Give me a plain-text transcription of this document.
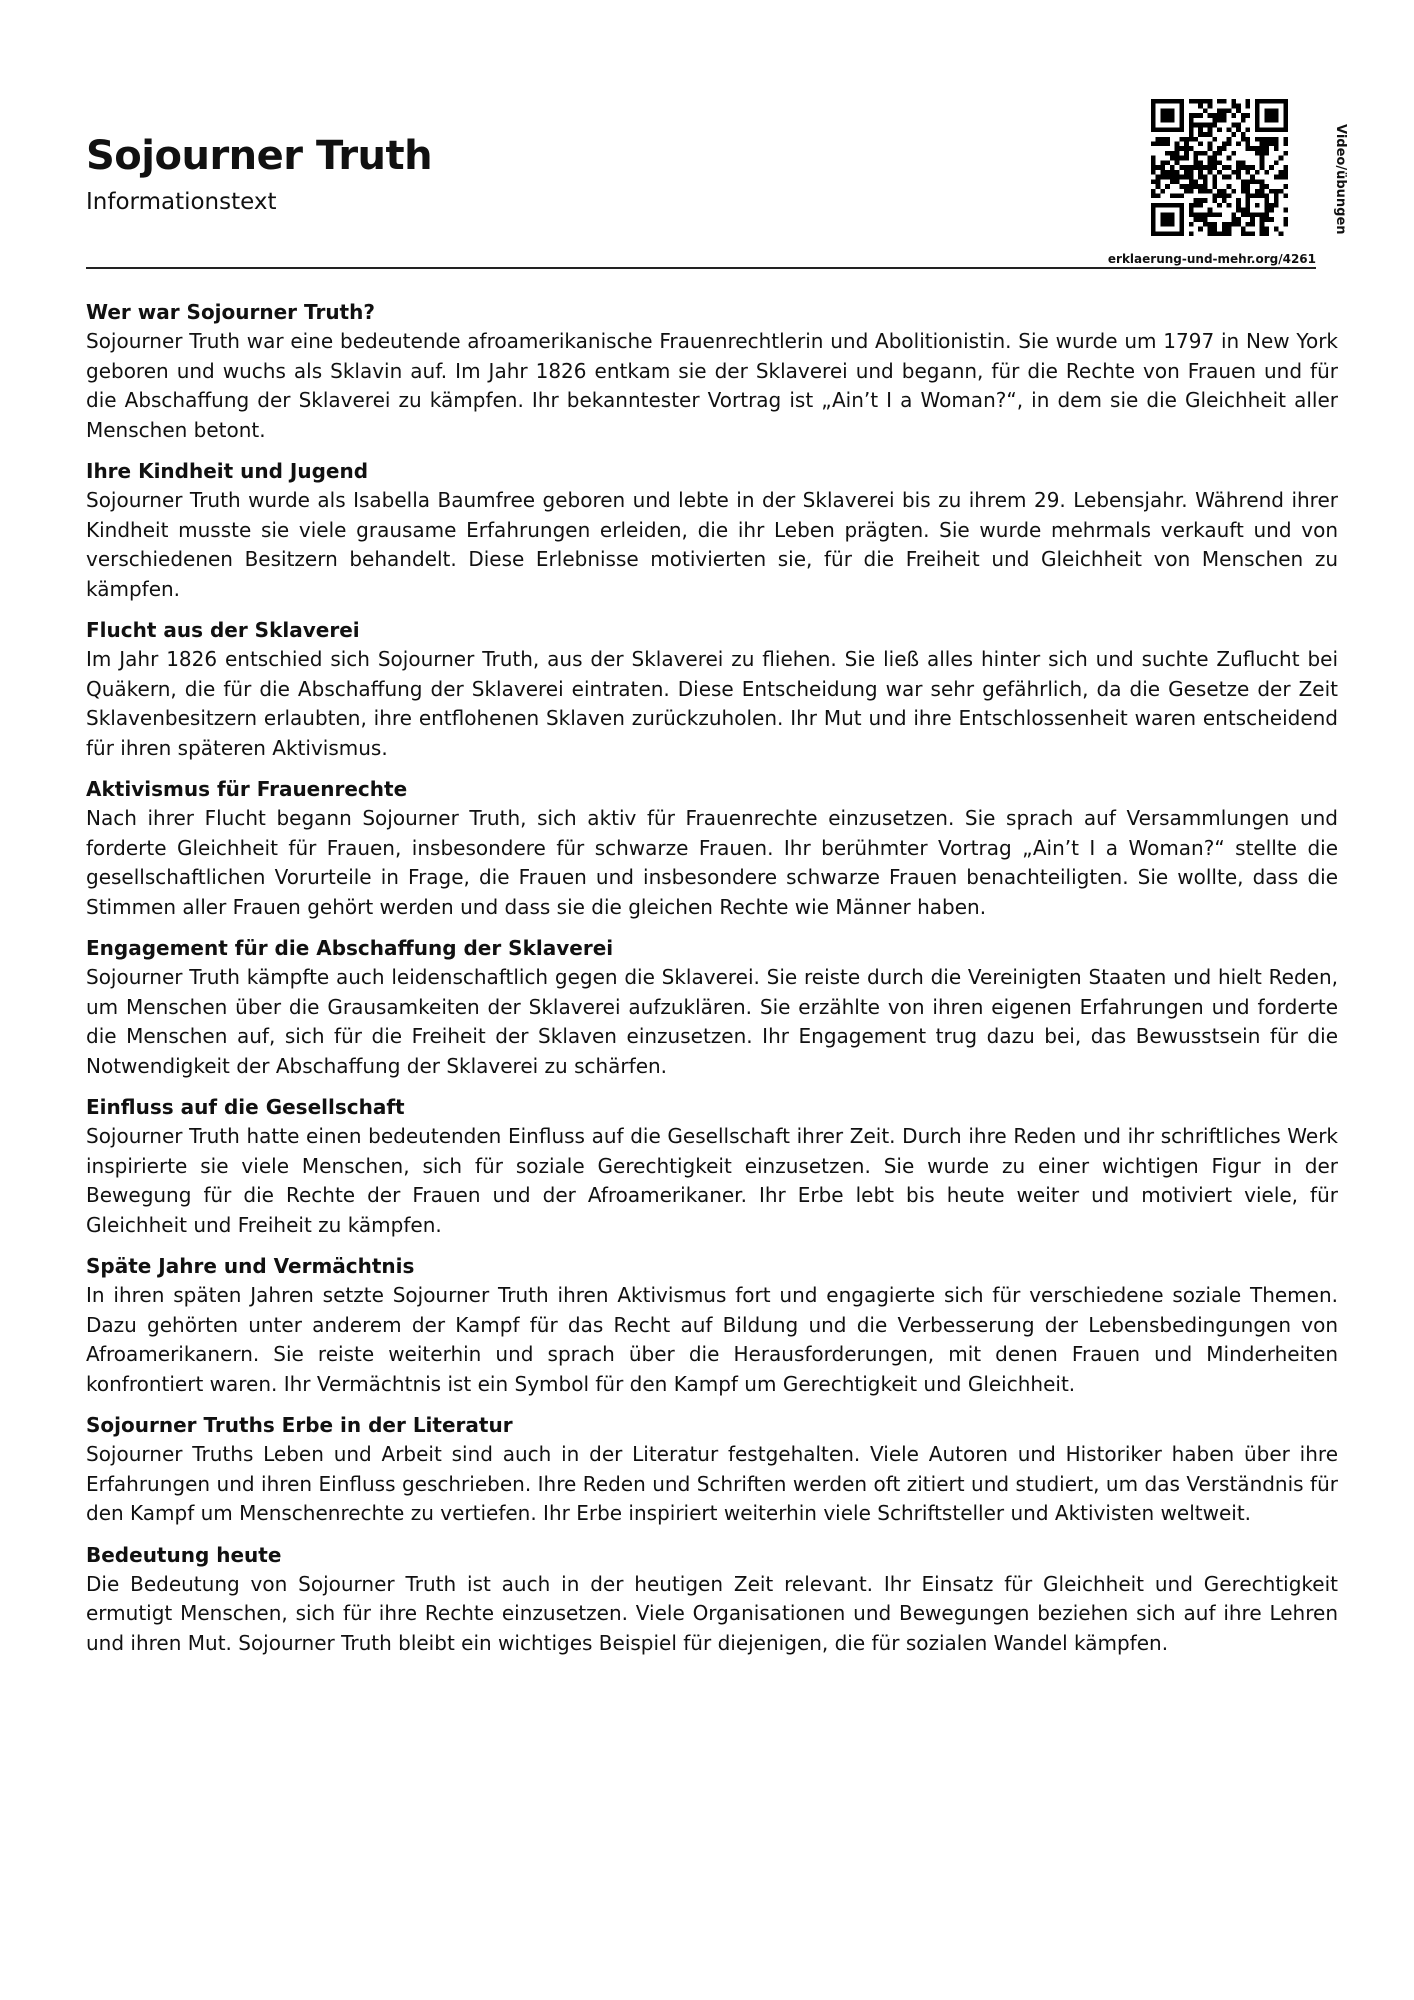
Sojourner Truth
Informationstext	Video/übungen
erklaerung-und-mehr.org/4261
Wer war Sojourner Truth?

Sojourner Truth war eine bedeutende afroamerikanische Frauenrechtlerin und Abolitionistin. Sie wurde um 1797 in New York geboren und wuchs als Sklavin auf. Im Jahr 1826 entkam sie der Sklaverei und begann, für die Rechte von Frauen und für die Abschaffung der Sklaverei zu kämpfen. Ihr bekanntester Vortrag ist „Ain’t I a Woman?“, in dem sie die Gleichheit aller Menschen betont.

Ihre Kindheit und Jugend

Sojourner Truth wurde als Isabella Baumfree geboren und lebte in der Sklaverei bis zu ihrem 29. Lebensjahr. Während ihrer Kindheit musste sie viele grausame Erfahrungen erleiden, die ihr Leben prägten. Sie wurde mehrmals verkauft und von verschiedenen Besitzern behandelt. Diese Erlebnisse motivierten sie, für die Freiheit und Gleichheit von Menschen zu kämpfen.

Flucht aus der Sklaverei

Im Jahr 1826 entschied sich Sojourner Truth, aus der Sklaverei zu fliehen. Sie ließ alles hinter sich und suchte Zuflucht bei Quäkern, die für die Abschaffung der Sklaverei eintraten. Diese Entscheidung war sehr gefährlich, da die Gesetze der Zeit Sklavenbesitzern erlaubten, ihre entflohenen Sklaven zurückzuholen. Ihr Mut und ihre Entschlossenheit waren entscheidend für ihren späteren Aktivismus.

Aktivismus für Frauenrechte

Nach ihrer Flucht begann Sojourner Truth, sich aktiv für Frauenrechte einzusetzen. Sie sprach auf Versammlungen und forderte Gleichheit für Frauen, insbesondere für schwarze Frauen. Ihr berühmter Vortrag „Ain’t I a Woman?“ stellte die gesellschaftlichen Vorurteile in Frage, die Frauen und insbesondere schwarze Frauen benachteiligten. Sie wollte, dass die Stimmen aller Frauen gehört werden und dass sie die gleichen Rechte wie Männer haben.

Engagement für die Abschaffung der Sklaverei

Sojourner Truth kämpfte auch leidenschaftlich gegen die Sklaverei. Sie reiste durch die Vereinigten Staaten und hielt Reden, um Menschen über die Grausamkeiten der Sklaverei aufzuklären. Sie erzählte von ihren eigenen Erfahrungen und forderte die Menschen auf, sich für die Freiheit der Sklaven einzusetzen. Ihr Engagement trug dazu bei, das Bewusstsein für die Notwendigkeit der Abschaffung der Sklaverei zu schärfen.

Einfluss auf die Gesellschaft

Sojourner Truth hatte einen bedeutenden Einfluss auf die Gesellschaft ihrer Zeit. Durch ihre Reden und ihr schriftliches Werk inspirierte sie viele Menschen, sich für soziale Gerechtigkeit einzusetzen. Sie wurde zu einer wichtigen Figur in der Bewegung für die Rechte der Frauen und der Afroamerikaner. Ihr Erbe lebt bis heute weiter und motiviert viele, für Gleichheit und Freiheit zu kämpfen.

Späte Jahre und Vermächtnis

In ihren späten Jahren setzte Sojourner Truth ihren Aktivismus fort und engagierte sich für verschiedene soziale Themen. Dazu gehörten unter anderem der Kampf für das Recht auf Bildung und die Verbesserung der Lebensbedingungen von Afroamerikanern. Sie reiste weiterhin und sprach über die Herausforderungen, mit denen Frauen und Minderheiten konfrontiert waren. Ihr Vermächtnis ist ein Symbol für den Kampf um Gerechtigkeit und Gleichheit.

Sojourner Truths Erbe in der Literatur

Sojourner Truths Leben und Arbeit sind auch in der Literatur festgehalten. Viele Autoren und Historiker haben über ihre Erfahrungen und ihren Einfluss geschrieben. Ihre Reden und Schriften werden oft zitiert und studiert, um das Verständnis für den Kampf um Menschenrechte zu vertiefen. Ihr Erbe inspiriert weiterhin viele Schriftsteller und Aktivisten weltweit.

Bedeutung heute

Die Bedeutung von Sojourner Truth ist auch in der heutigen Zeit relevant. Ihr Einsatz für Gleichheit und Gerechtigkeit ermutigt Menschen, sich für ihre Rechte einzusetzen. Viele Organisationen und Bewegungen beziehen sich auf ihre Lehren und ihren Mut. Sojourner Truth bleibt ein wichtiges Beispiel für diejenigen, die für sozialen Wandel kämpfen.
